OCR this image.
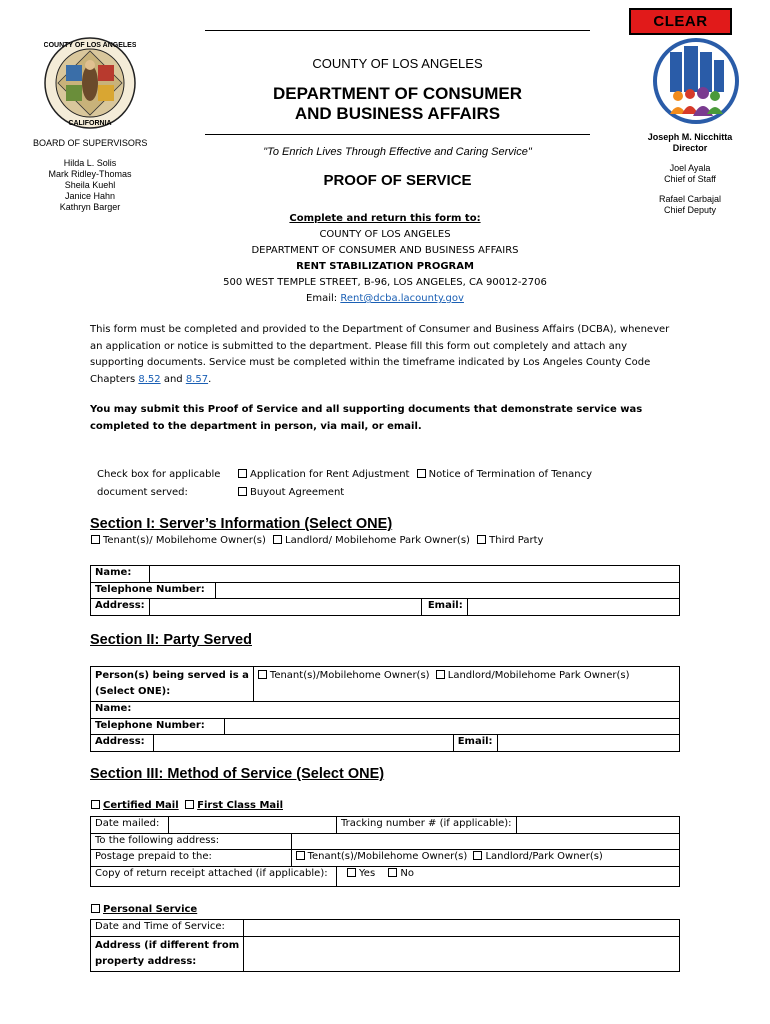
CLEAR
COUNTY OF LOS ANGELES
CALIFORNIA
COUNTY OF LOS ANGELES
DEPARTMENT OF CONSUMER
AND BUSINESS AFFAIRS
"To Enrich Lives Through Effective and Caring Service"
PROOF OF SERVICE
BOARD OF SUPERVISORS
Hilda L. Solis
Mark Ridley-Thomas
Sheila Kuehl
Janice Hahn
Kathryn Barger
Joseph M. Nicchitta
Director
Joel Ayala
Chief of Staff
Rafael Carbajal
Chief Deputy
Complete and return this form to:
COUNTY OF LOS ANGELES
DEPARTMENT OF CONSUMER AND BUSINESS AFFAIRS
RENT STABILIZATION PROGRAM
500 WEST TEMPLE STREET, B-96, LOS ANGELES, CA 90012-2706
Email: Rent@dcba.lacounty.gov
This form must be completed and provided to the Department of Consumer and Business Affairs (DCBA), whenever an application or notice is submitted to the department. Please fill this form out completely and attach any supporting documents. Service must be completed within the timeframe indicated by Los Angeles County Code Chapters 8.52 and 8.57.
You may submit this Proof of Service and all supporting documents that demonstrate service was completed to the department in person, via mail, or email.
Check box for applicable
document served:
Application for Rent Adjustment Notice of Termination of Tenancy
Buyout Agreement
Section I: Server’s Information (Select ONE)
Tenant(s)/ Mobilehome Owner(s) Landlord/ Mobilehome Park Owner(s) Third Party
Name:				
Telephone Number:				
Address:			Email:	
Section II: Party Served
Person(s) being served is a
(Select ONE):			Tenant(s)/Mobilehome Owner(s) Landlord/Mobilehome Park Owner(s)		
Name:					
Telephone Number:					
Address:				Email:	
Section III: Method of Service (Select ONE)
Certified Mail First Class Mail
Date mailed:			Tracking number # (if applicable):	
To the following address:				
Postage prepaid to the:		Tenant(s)/Mobilehome Owner(s) Landlord/Park Owner(s)		
Copy of return receipt attached (if applicable):			Yes No	
Personal Service
Date and Time of Service:	

Address (if different from
property address:	
